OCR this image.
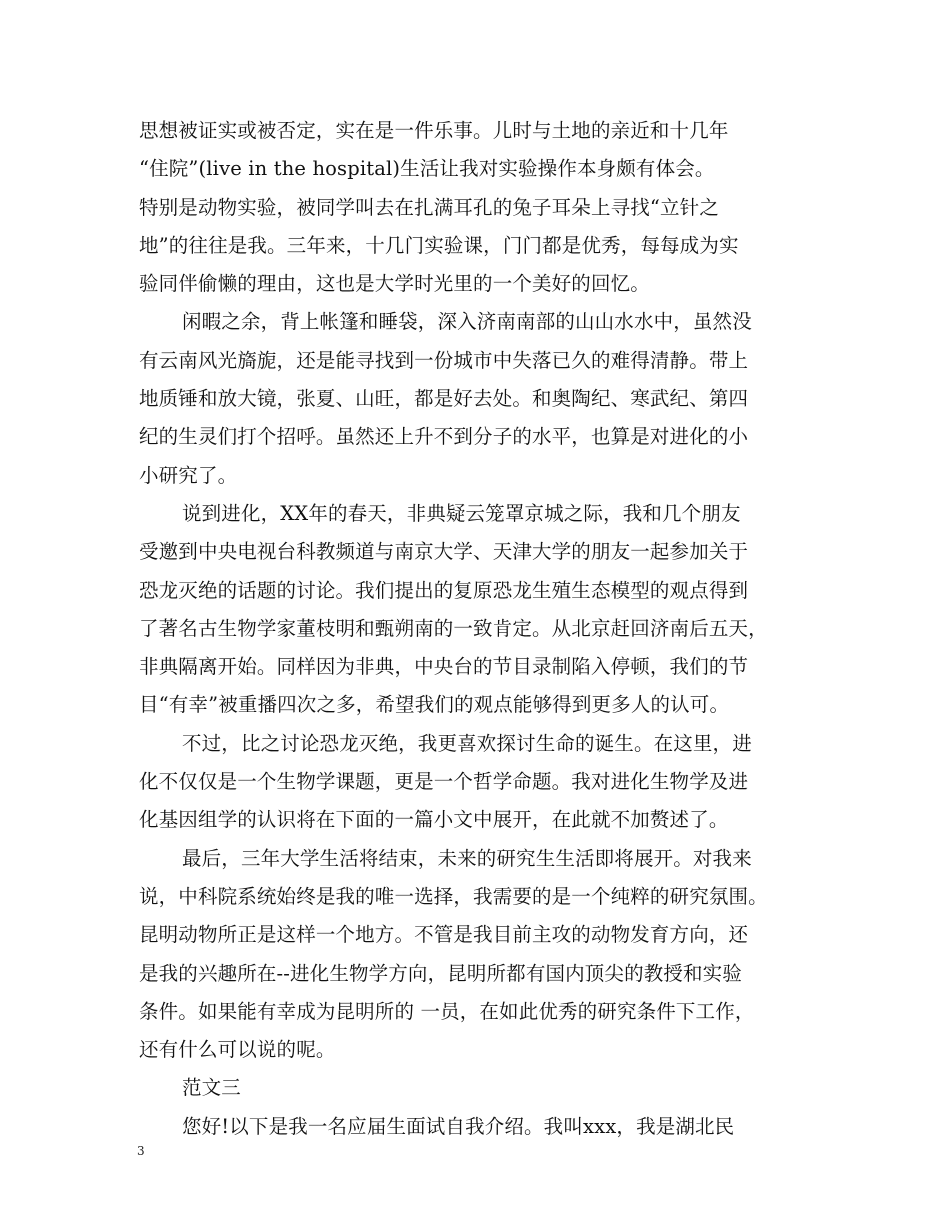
思想被证实或被否定，实在是一件乐事。儿时与土地的亲近和十几年
“住院”(live in the hospital)生活让我对实验操作本身颇有体会。
特别是动物实验，被同学叫去在扎满耳孔的兔子耳朵上寻找“立针之
地”的往往是我。三年来，十几门实验课，门门都是优秀，每每成为实
验同伴偷懒的理由，这也是大学时光里的一个美好的回忆。
闲暇之余，背上帐篷和睡袋，深入济南南部的山山水水中，虽然没
有云南风光旖旎，还是能寻找到一份城市中失落已久的难得清静。带上
地质锤和放大镜，张夏、山旺，都是好去处。和奥陶纪、寒武纪、第四
纪的生灵们打个招呼。虽然还上升不到分子的水平，也算是对进化的小
小研究了。
说到进化，XX年的春天，非典疑云笼罩京城之际，我和几个朋友
受邀到中央电视台科教频道与南京大学、天津大学的朋友一起参加关于
恐龙灭绝的话题的讨论。我们提出的复原恐龙生殖生态模型的观点得到
了著名古生物学家董枝明和甄朔南的一致肯定。从北京赶回济南后五天，
非典隔离开始。同样因为非典，中央台的节目录制陷入停顿，我们的节
目“有幸”被重播四次之多，希望我们的观点能够得到更多人的认可。
不过，比之讨论恐龙灭绝，我更喜欢探讨生命的诞生。在这里，进
化不仅仅是一个生物学课题，更是一个哲学命题。我对进化生物学及进
化基因组学的认识将在下面的一篇小文中展开，在此就不加赘述了。
最后，三年大学生活将结束，未来的研究生生活即将展开。对我来
说，中科院系统始终是我的唯一选择，我需要的是一个纯粹的研究氛围。
昆明动物所正是这样一个地方。不管是我目前主攻的动物发育方向，还
是我的兴趣所在--进化生物学方向，昆明所都有国内顶尖的教授和实验
条件。如果能有幸成为昆明所的 一员，在如此优秀的研究条件下工作，
还有什么可以说的呢。
范文三
您好!以下是我一名应届生面试自我介绍。我叫xxx，我是湖北民
3
